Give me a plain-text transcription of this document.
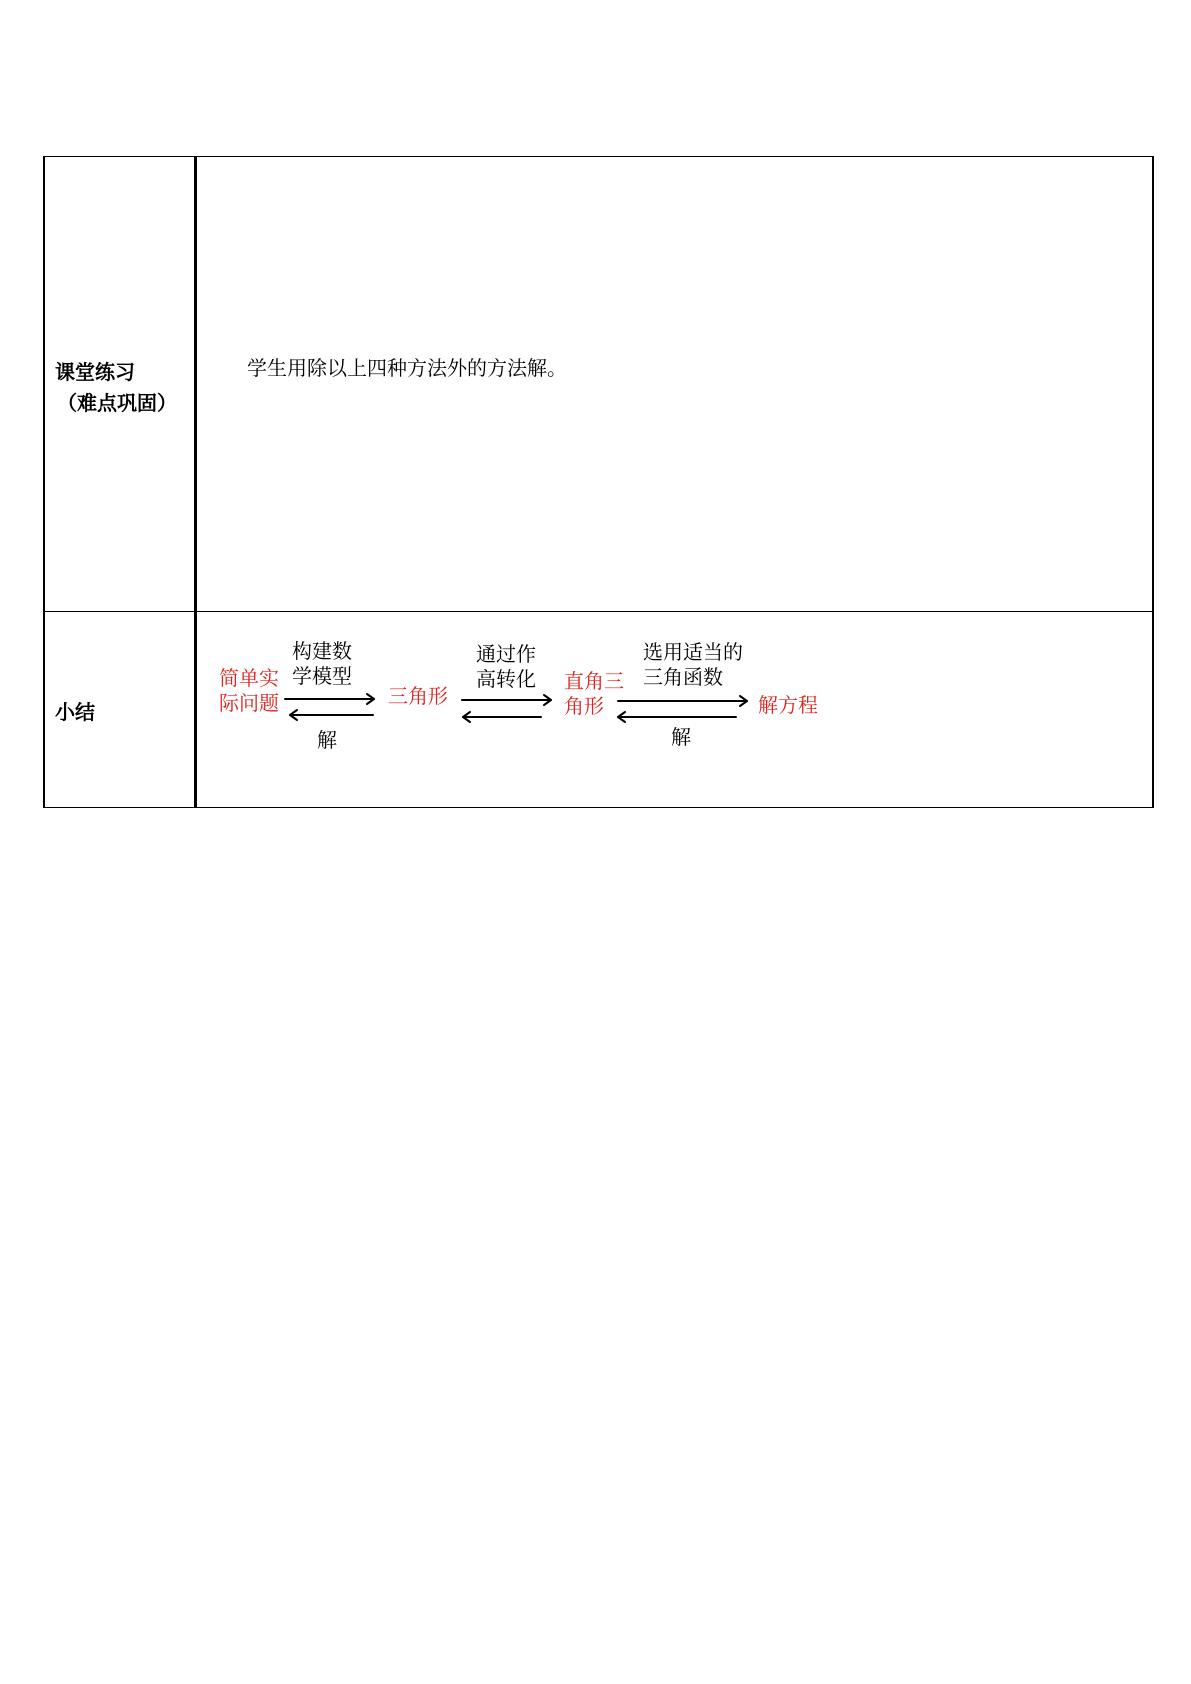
课堂练习
（难点巩固）
学生用除以上四种方法外的方法解。
小结
简单实
际问题
构建数
学模型
解
三角形
通过作
高转化 直角三
角形
选用适当的
三角函数
解
解方程
